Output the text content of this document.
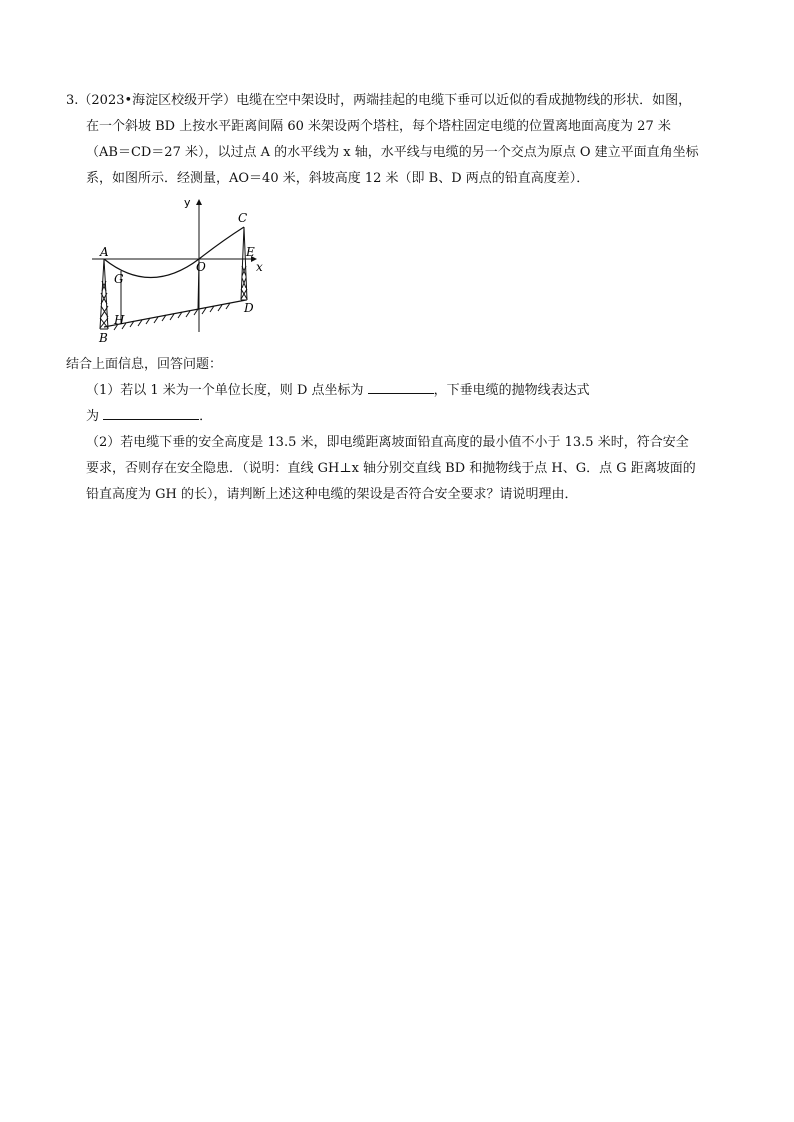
3.（2023•海淀区校级开学）电缆在空中架设时，两端挂起的电缆下垂可以近似的看成抛物线的形状．如图，

在一个斜坡 BD 上按水平距离间隔 60 米架设两个塔柱，每个塔柱固定电缆的位置离地面高度为 27 米

（AB＝CD＝27 米），以过点 A 的水平线为 x 轴，水平线与电缆的另一个交点为原点 O 建立平面直角坐标

系，如图所示．经测量，AO＝40 米，斜坡高度 12 米（即 B、D 两点的铅直高度差）．

y
x
A
B
C
D
E
G
H
O

结合上面信息，回答问题：

（1）若以 1 米为一个单位长度，则 D 点坐标为	，下垂电缆的抛物线表达式

为	．

（2）若电缆下垂的安全高度是 13.5 米，即电缆距离坡面铅直高度的最小值不小于 13.5 米时，符合安全

要求，否则存在安全隐患．（说明：直线 GH⊥x 轴分别交直线 BD 和抛物线于点 H、G．点 G 距离坡面的

铅直高度为 GH 的长），请判断上述这种电缆的架设是否符合安全要求？请说明理由．
